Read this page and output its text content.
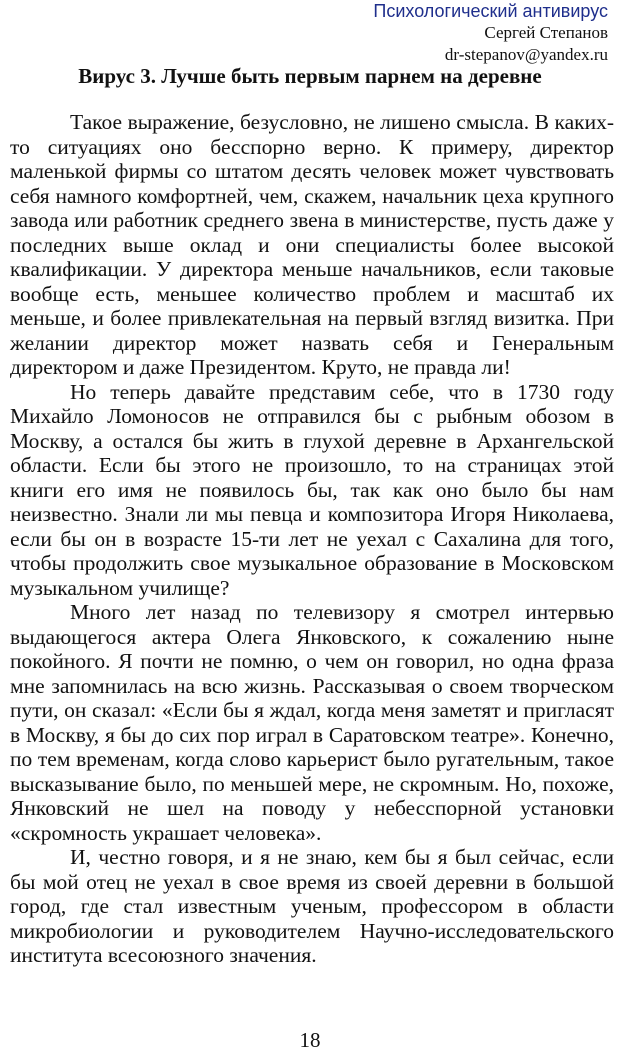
Психологический антивирус
Сергей Степанов
dr-stepanov@yandex.ru
Вирус 3. Лучше быть первым парнем на деревне

Такое выражение, безусловно, не лишено смысла. В каких-то ситуациях оно бесспорно верно. К примеру, директор маленькой фирмы со штатом десять человек может чувствовать себя намного комфортней, чем, скажем, начальник цеха крупного завода или работник среднего звена в министерстве, пусть даже у последних выше оклад и они специалисты более высокой квалификации. У директора меньше начальников, если таковые вообще есть, меньшее количество проблем и масштаб их меньше, и более привлекательная на первый взгляд визитка. При желании директор может назвать себя и Генеральным директором и даже Президентом. Круто, не правда ли!

Но теперь давайте представим себе, что в 1730 году Михайло Ломоносов не отправился бы с рыбным обозом в Москву, а остался бы жить в глухой деревне в Архангельской области. Если бы этого не произошло, то на страницах этой книги его имя не появилось бы, так как оно было бы нам неизвестно. Знали ли мы певца и композитора Игоря Николаева, если бы он в возрасте 15-ти лет не уехал с Сахалина для того, чтобы продолжить свое музыкальное образование в Московском музыкальном училище?

Много лет назад по телевизору я смотрел интервью выдающегося актера Олега Янковского, к сожалению ныне покойного. Я почти не помню, о чем он говорил, но одна фраза мне запомнилась на всю жизнь. Рассказывая о своем творческом пути, он сказал: «Если бы я ждал, когда меня заметят и пригласят в Москву, я бы до сих пор играл в Саратовском театре». Конечно, по тем временам, когда слово карьерист было ругательным, такое высказывание было, по меньшей мере, не скромным. Но, похоже, Янковский не шел на поводу у небесспорной установки «скромность украшает человека».

И, честно говоря, и я не знаю, кем бы я был сейчас, если бы мой отец не уехал в свое время из своей деревни в большой город, где стал известным ученым, профессором в области микробиологии и руководителем Научно-исследовательского института всесоюзного значения.

18
